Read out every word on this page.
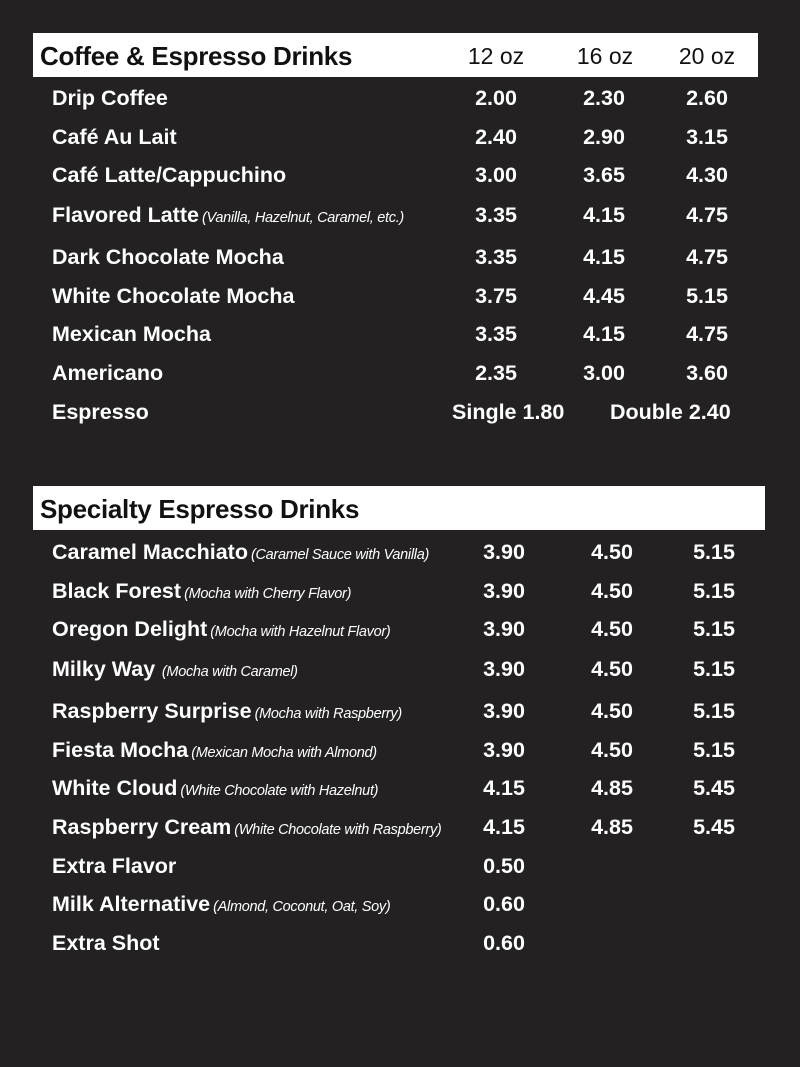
Coffee & Espresso Drinks	12 oz	16 oz	20 oz
Drip Coffee	2.00	2.30	2.60
Café Au Lait	2.40	2.90	3.15
Café Latte/Cappuchino	3.00	3.65	4.30
Flavored Latte (Vanilla, Hazelnut, Caramel, etc.)	3.35	4.15	4.75
Dark Chocolate Mocha	3.35	4.15	4.75
White Chocolate Mocha	3.75	4.45	5.15
Mexican Mocha	3.35	4.15	4.75
Americano	2.35	3.00	3.60
Espresso	Single 1.80 Double 2.40
Specialty Espresso Drinks
Caramel Macchiato (Caramel Sauce with Vanilla)	3.90	4.50	5.15
Black Forest (Mocha with Cherry Flavor)	3.90	4.50	5.15
Oregon Delight (Mocha with Hazelnut Flavor)	3.90	4.50	5.15
Milky Way (Mocha with Caramel)	3.90	4.50	5.15
Raspberry Surprise (Mocha with Raspberry)	3.90	4.50	5.15
Fiesta Mocha (Mexican Mocha with Almond)	3.90	4.50	5.15
White Cloud (White Chocolate with Hazelnut)	4.15	4.85	5.45
Raspberry Cream (White Chocolate with Raspberry)	4.15	4.85	5.45
Extra Flavor	0.50
Milk Alternative (Almond, Coconut, Oat, Soy)	0.60
Extra Shot	0.60
